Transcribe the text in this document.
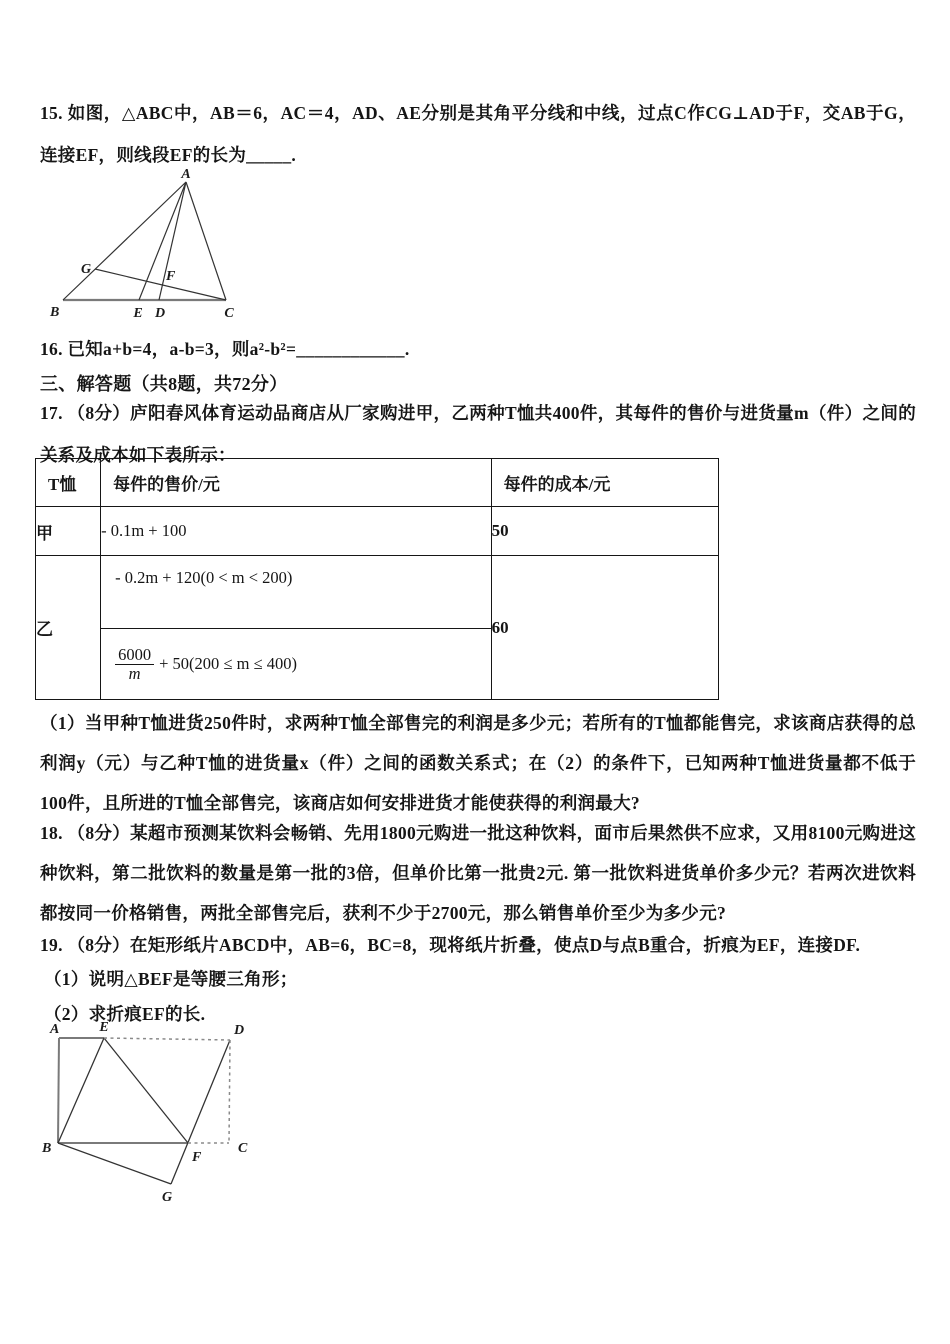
15. 如图，△ABC中，AB＝6，AC＝4，AD、AE分别是其角平分线和中线，过点C作CG⊥AD于F，交AB于G，连接EF，则线段EF的长为_____.

A
B	C
D
E
F
G

16. 已知a+b=4，a-b=3，则a²-b²=____________.

三、解答题（共8题，共72分）

17. （8分）庐阳春风体育运动品商店从厂家购进甲，乙两种T恤共400件，其每件的售价与进货量m（件）之间的关系及成本如下表所示：

T恤	每件的售价/元	每件的成本/元
甲	- 0.1m + 100	50
乙	- 0.2m + 120(0 < m < 200)
$\frac{6000}{m} + 50(200 \le m \le 400)$	60

（1）当甲种T恤进货250件时，求两种T恤全部售完的利润是多少元；若所有的T恤都能售完，求该商店获得的总利润y（元）与乙种T恤的进货量x（件）之间的函数关系式；在（2）的条件下，已知两种T恤进货量都不低于100件，且所进的T恤全部售完，该商店如何安排进货才能使获得的利润最大?

18. （8分）某超市预测某饮料会畅销、先用1800元购进一批这种饮料，面市后果然供不应求，又用8100元购进这种饮料，第二批饮料的数量是第一批的3倍，但单价比第一批贵2元. 第一批饮料进货单价多少元？若两次进饮料都按同一价格销售，两批全部售完后，获利不少于2700元，那么销售单价至少为多少元?

19. （8分）在矩形纸片ABCD中，AB=6，BC=8，现将纸片折叠，使点D与点B重合，折痕为EF，连接DF.

（1）说明△BEF是等腰三角形；

（2）求折痕EF的长.

A	E	D
B
F
C
G
